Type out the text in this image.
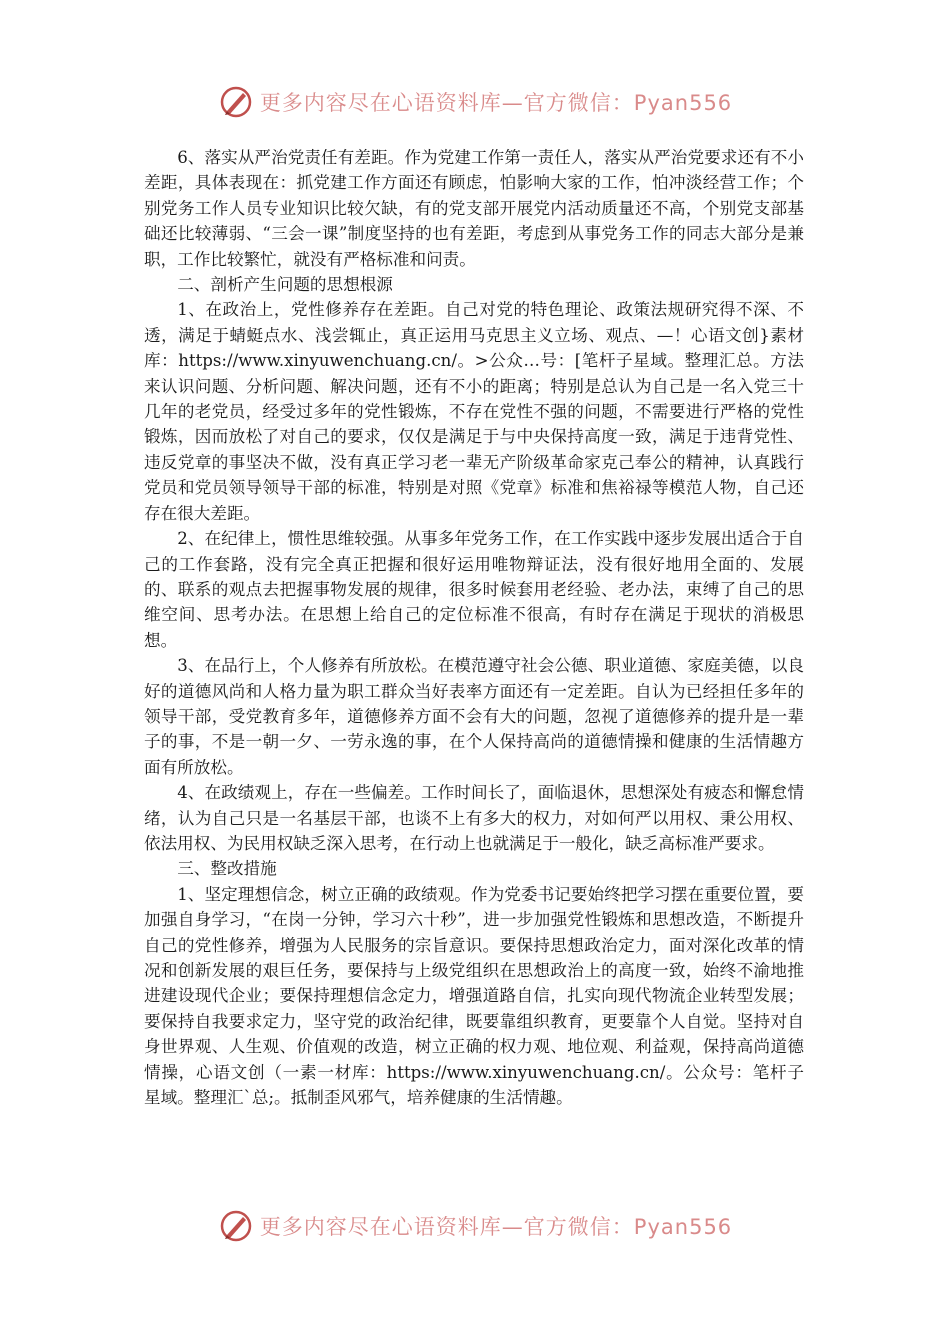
更多内容尽在心语资料库—官方微信：Pyan556

6、落实从严治党责任有差距。作为党建工作第一责任人，落实从严治党要求还有不小差距，具体表现在：抓党建工作方面还有顾虑，怕影响大家的工作，怕冲淡经营工作；个别党务工作人员专业知识比较欠缺，有的党支部开展党内活动质量还不高，个别党支部基础还比较薄弱、“三会一课”制度坚持的也有差距，考虑到从事党务工作的同志大部分是兼职，工作比较繁忙，就没有严格标准和问责。

二、剖析产生问题的思想根源

1、在政治上，党性修养存在差距。自己对党的特色理论、政策法规研究得不深、不透，满足于蜻蜓点水、浅尝辄止，真正运用马克思主义立场、观点、—！心语文创}素材库：https://www.xinyuwenchuang.cn/。>公众…号：[笔杆子星域。整理汇总。方法来认识问题、分析问题、解决问题，还有不小的距离；特别是总认为自己是一名入党三十几年的老党员，经受过多年的党性锻炼，不存在党性不强的问题，不需要进行严格的党性锻炼，因而放松了对自己的要求，仅仅是满足于与中央保持高度一致，满足于违背党性、违反党章的事坚决不做，没有真正学习老一辈无产阶级革命家克己奉公的精神，认真践行党员和党员领导领导干部的标准，特别是对照《党章》标准和焦裕禄等模范人物，自己还存在很大差距。

2、在纪律上，惯性思维较强。从事多年党务工作，在工作实践中逐步发展出适合于自己的工作套路，没有完全真正把握和很好运用唯物辩证法，没有很好地用全面的、发展的、联系的观点去把握事物发展的规律，很多时候套用老经验、老办法，束缚了自己的思维空间、思考办法。在思想上给自己的定位标准不很高，有时存在满足于现状的消极思想。

3、在品行上，个人修养有所放松。在模范遵守社会公德、职业道德、家庭美德，以良好的道德风尚和人格力量为职工群众当好表率方面还有一定差距。自认为已经担任多年的领导干部，受党教育多年，道德修养方面不会有大的问题，忽视了道德修养的提升是一辈子的事，不是一朝一夕、一劳永逸的事，在个人保持高尚的道德情操和健康的生活情趣方面有所放松。

4、在政绩观上，存在一些偏差。工作时间长了，面临退休，思想深处有疲态和懈怠情绪，认为自己只是一名基层干部，也谈不上有多大的权力，对如何严以用权、秉公用权、依法用权、为民用权缺乏深入思考，在行动上也就满足于一般化，缺乏高标准严要求。

三、整改措施

1、坚定理想信念，树立正确的政绩观。作为党委书记要始终把学习摆在重要位置，要加强自身学习，“在岗一分钟，学习六十秒”，进一步加强党性锻炼和思想改造，不断提升自己的党性修养，增强为人民服务的宗旨意识。要保持思想政治定力，面对深化改革的情况和创新发展的艰巨任务，要保持与上级党组织在思想政治上的高度一致，始终不渝地推进建设现代企业；要保持理想信念定力，增强道路自信，扎实向现代物流企业转型发展；要保持自我要求定力，坚守党的政治纪律，既要靠组织教育，更要靠个人自觉。坚持对自身世界观、人生观、价值观的改造，树立正确的权力观、地位观、利益观，保持高尚道德情操，心语文创（一素一材库：https://www.xinyuwenchuang.cn/。公众号：笔杆子星域。整理汇`总;。抵制歪风邪气，培养健康的生活情趣。

更多内容尽在心语资料库—官方微信：Pyan556
